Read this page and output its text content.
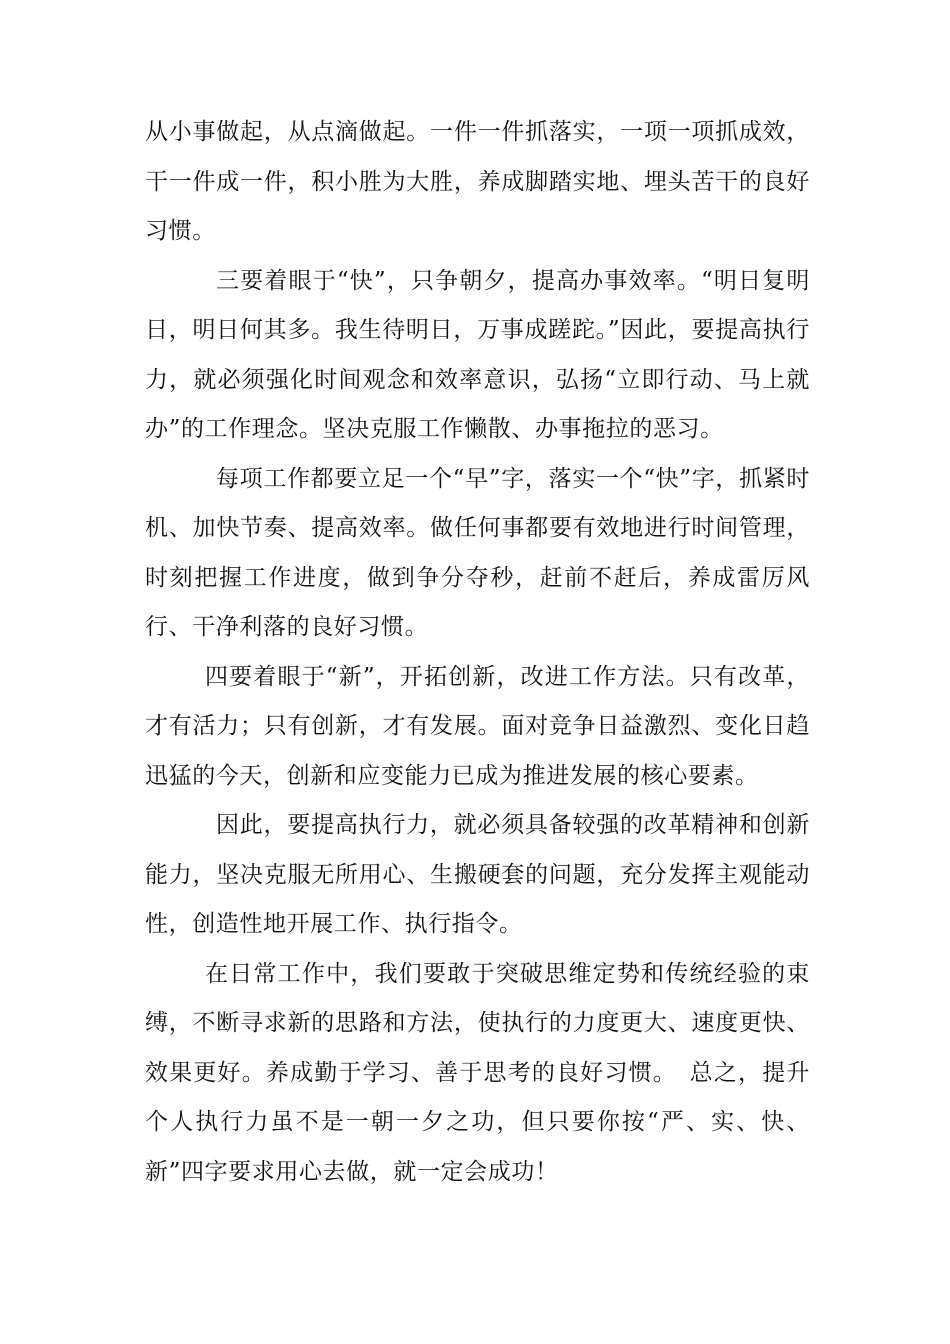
从小事做起，从点滴做起。一件一件抓落实，一项一项抓成效，干一件成一件，积小胜为大胜，养成脚踏实地、埋头苦干的良好习惯。

三要着眼于“快”，只争朝夕，提高办事效率。“明日复明日，明日何其多。我生待明日，万事成蹉跎。”因此，要提高执行力，就必须强化时间观念和效率意识，弘扬“立即行动、马上就办”的工作理念。坚决克服工作懒散、办事拖拉的恶习。

每项工作都要立足一个“早”字，落实一个“快”字，抓紧时机、加快节奏、提高效率。做任何事都要有效地进行时间管理，时刻把握工作进度，做到争分夺秒，赶前不赶后，养成雷厉风行、干净利落的良好习惯。

四要着眼于“新”，开拓创新，改进工作方法。只有改革，才有活力；只有创新，才有发展。面对竞争日益激烈、变化日趋迅猛的今天，创新和应变能力已成为推进发展的核心要素。

因此，要提高执行力，就必须具备较强的改革精神和创新能力，坚决克服无所用心、生搬硬套的问题，充分发挥主观能动性，创造性地开展工作、执行指令。

在日常工作中，我们要敢于突破思维定势和传统经验的束缚，不断寻求新的思路和方法，使执行的力度更大、速度更快、效果更好。养成勤于学习、善于思考的良好习惯。　总之，提升个人执行力虽不是一朝一夕之功，但只要你按“严、实、快、新”四字要求用心去做，就一定会成功！
